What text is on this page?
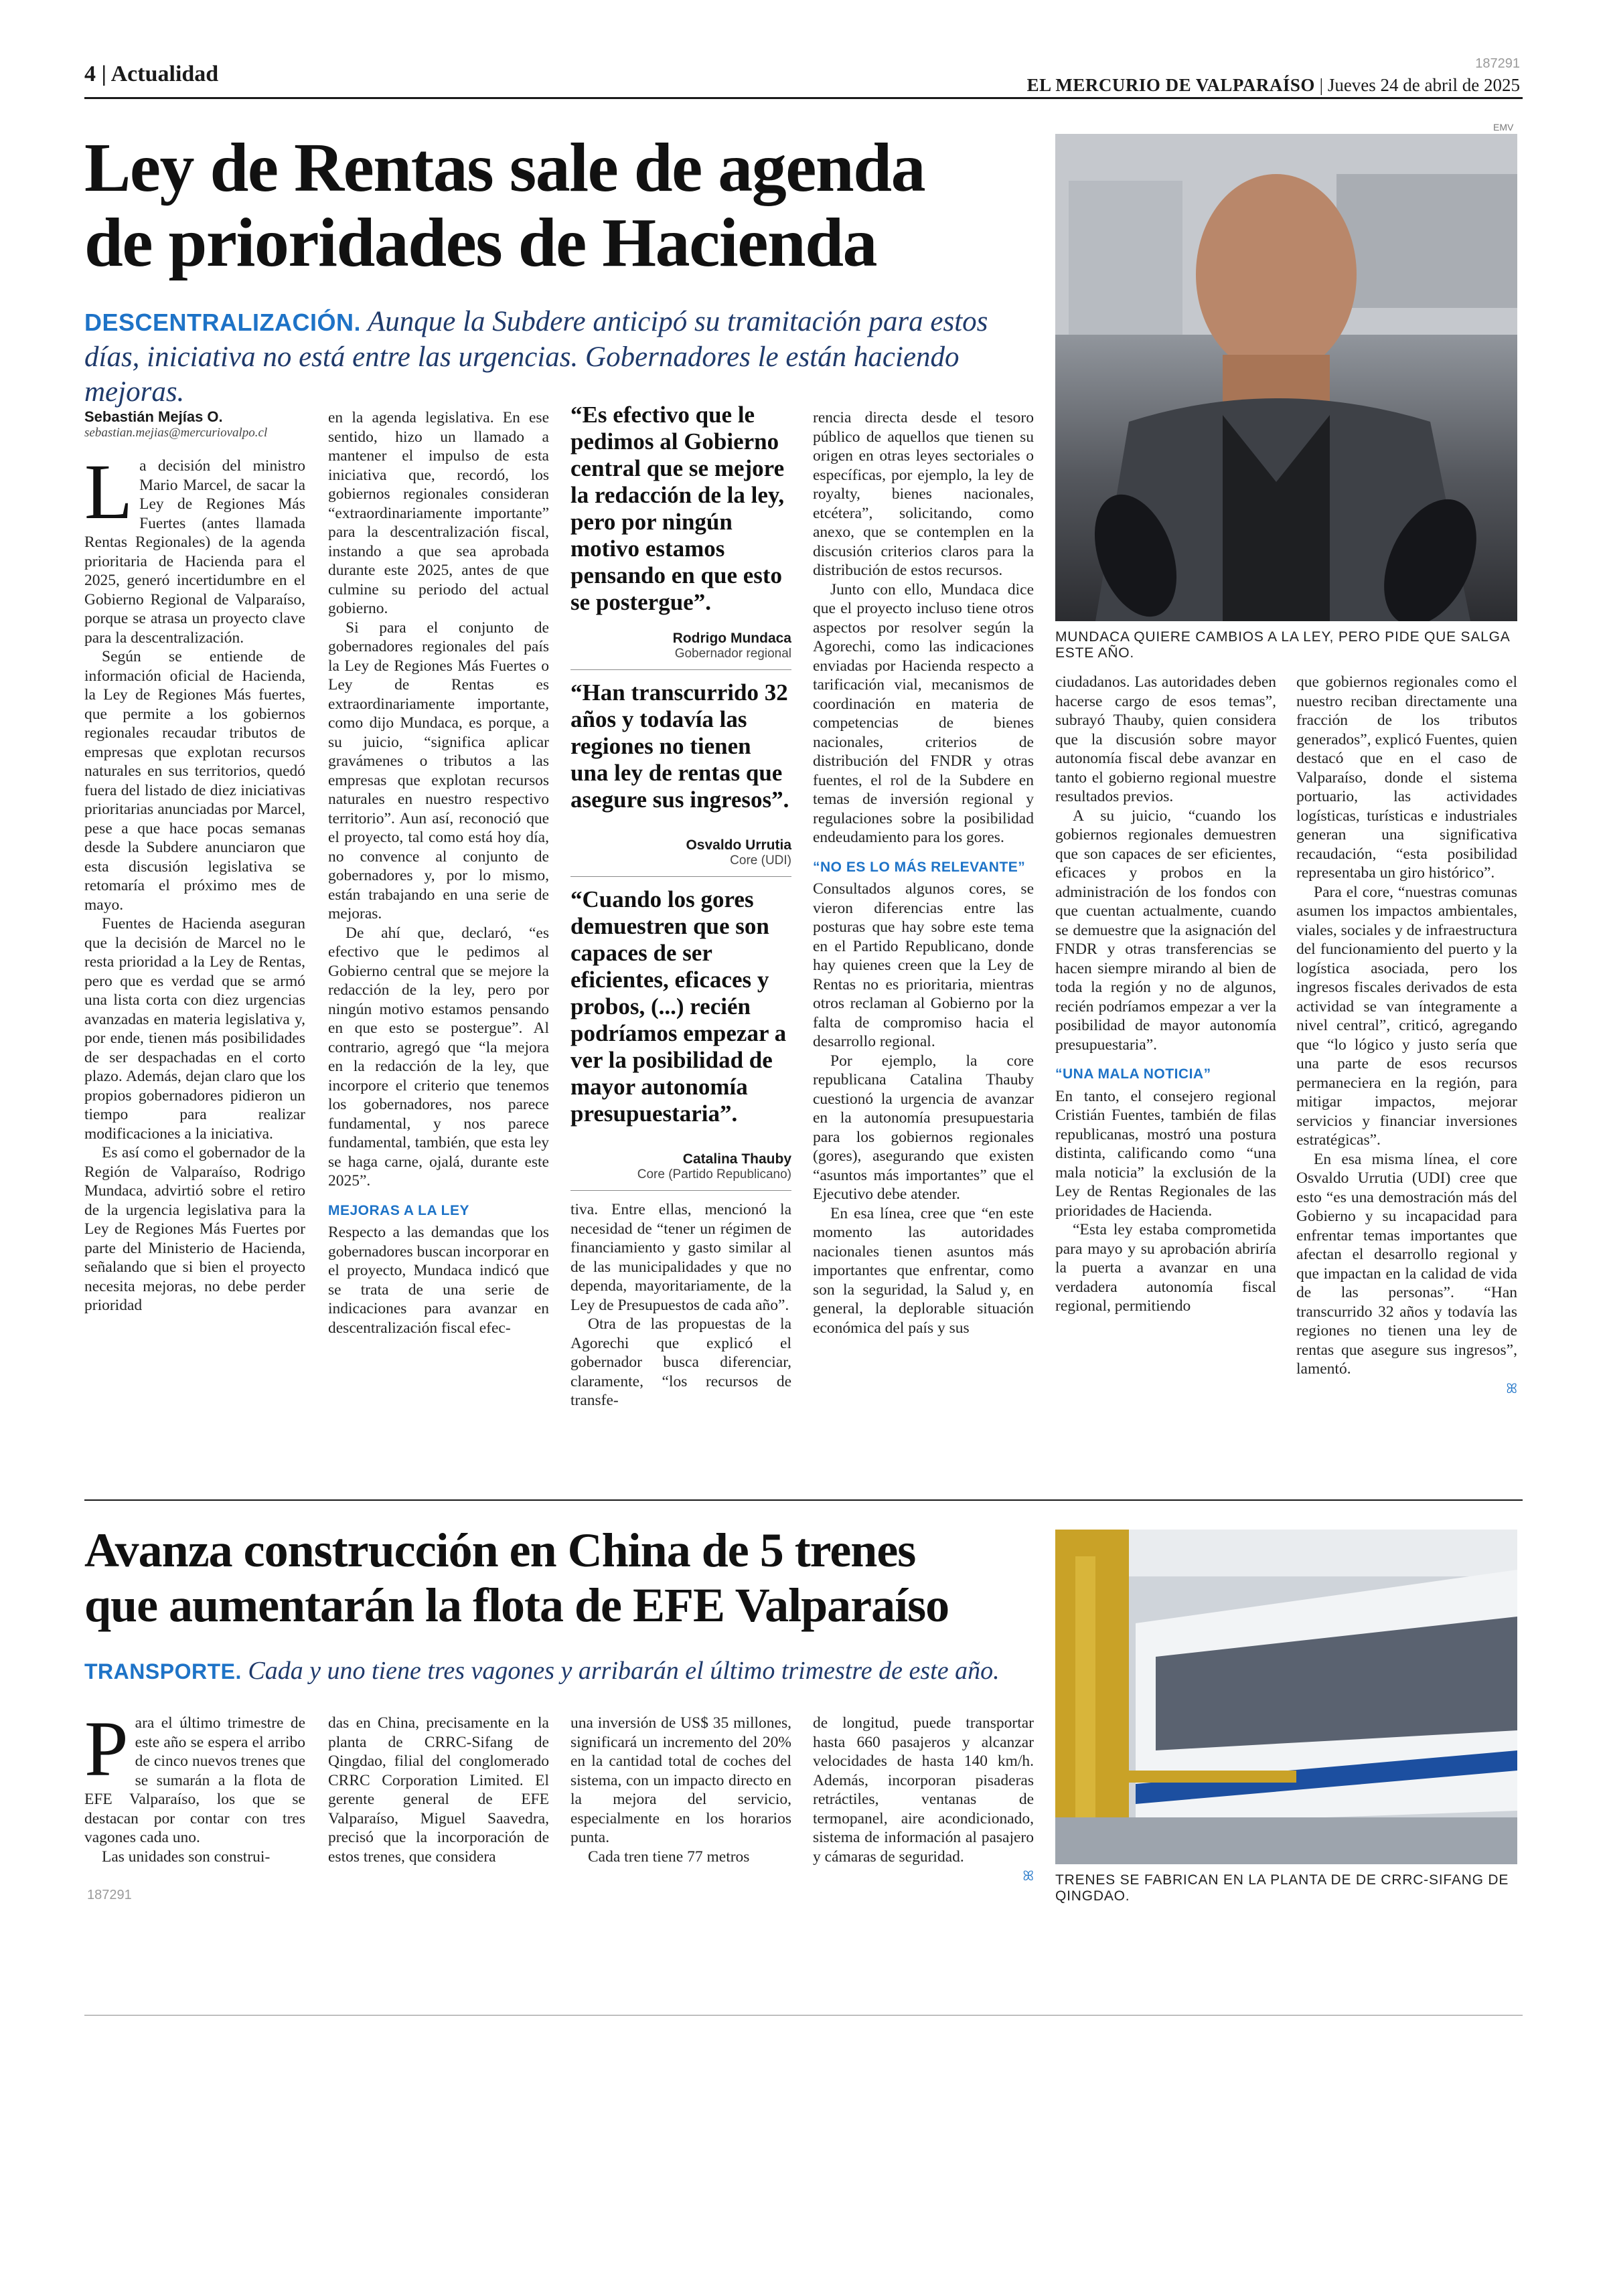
4 | Actualidad	187291
EL MERCURIO DE VALPARAÍSO | Jueves 24 de abril de 2025
Ley de Rentas sale de agenda
de prioridades de Hacienda
DESCENTRALIZACIÓN. Aunque la Subdere anticipó su tramitación para estos días, iniciativa no está entre las urgencias. Gobernadores le están haciendo mejoras.
EMV
MUNDACA QUIERE CAMBIOS A LA LEY, PERO PIDE QUE SALGA ESTE AÑO.
Sebastián Mejías O.
sebastian.mejias@mercuriovalpo.cl
L a decisión del ministro Mario Marcel, de sacar la Ley de Regiones Más Fuertes (antes llamada Rentas Regionales) de la agenda prioritaria de Hacienda para el 2025, generó incertidumbre en el Gobierno Regional de Valparaíso, porque se atrasa un proyecto clave para la descentralización.

Según se entiende de información oficial de Hacienda, la Ley de Regiones Más fuertes, que permite a los gobiernos regionales recaudar tributos de empresas que explotan recursos naturales en sus territorios, quedó fuera del listado de diez iniciativas prioritarias anunciadas por Marcel, pese a que hace pocas semanas desde la Subdere anunciaron que esta discusión legislativa se retomaría el próximo mes de mayo.

Fuentes de Hacienda aseguran que la decisión de Marcel no le resta prioridad a la Ley de Rentas, pero que es verdad que se armó una lista corta con diez urgencias avanzadas en materia legislativa y, por ende, tienen más posibilidades de ser despachadas en el corto plazo. Además, dejan claro que los propios gobernadores pidieron un tiempo para realizar modificaciones a la iniciativa.

Es así como el gobernador de la Región de Valparaíso, Rodrigo Mundaca, advirtió sobre el retiro de la urgencia legislativa para la Ley de Regiones Más Fuertes por parte del Ministerio de Hacienda, señalando que si bien el proyecto necesita mejoras, no debe perder prioridad

en la agenda legislativa. En ese sentido, hizo un llamado a mantener el impulso de esta iniciativa que, recordó, los gobiernos regionales consideran “extraordinariamente importante” para la descentralización fiscal, instando a que sea aprobada durante este 2025, antes de que culmine su periodo del actual gobierno.

Si para el conjunto de gobernadores regionales del país la Ley de Regiones Más Fuertes o Ley de Rentas es extraordinariamente importante, como dijo Mundaca, es porque, a su juicio, “significa aplicar gravámenes o tributos a las empresas que explotan recursos naturales en nuestro respectivo territorio”. Aun así, reconoció que el proyecto, tal como está hoy día, no convence al conjunto de gobernadores y, por lo mismo, están trabajando en una serie de mejoras.

De ahí que, declaró, “es efectivo que le pedimos al Gobierno central que se mejore la redacción de la ley, pero por ningún motivo estamos pensando en que esto se postergue”. Al contrario, agregó que “la mejora en la redacción de la ley, que incorpore el criterio que tenemos los gobernadores, nos parece fundamental, y nos parece fundamental, también, que esta ley se haga carne, ojalá, durante este 2025”.

MEJORAS A LA LEY

Respecto a las demandas que los gobernadores buscan incorporar en el proyecto, Mundaca indicó que se trata de una serie de indicaciones para avanzar en descentralización fiscal efec-

“Es efectivo que le pedimos al Gobierno central que se mejore la redacción de la ley, pero por ningún motivo estamos pensando en que esto se postergue”.
Rodrigo Mundaca
Gobernador regional
“Han transcurrido 32 años y todavía las regiones no tienen una ley de rentas que asegure sus ingresos”.
Osvaldo Urrutia
Core (UDI)
“Cuando los gores demuestren que son capaces de ser eficientes, eficaces y probos, (...) recién podríamos empezar a ver la posibilidad de mayor autonomía presupuestaria”.
Catalina Thauby
Core (Partido Republicano)

tiva. Entre ellas, mencionó la necesidad de “tener un régimen de financiamiento y gasto similar al de las municipalidades y que no dependa, mayoritariamente, de la Ley de Presupuestos de cada año”.

Otra de las propuestas de la Agorechi que explicó el gobernador busca diferenciar, claramente, “los recursos de transfe-

rencia directa desde el tesoro público de aquellos que tienen su origen en otras leyes sectoriales o específicas, por ejemplo, la ley de royalty, bienes nacionales, etcétera”, solicitando, como anexo, que se contemplen en la discusión criterios claros para la distribución de estos recursos.

Junto con ello, Mundaca dice que el proyecto incluso tiene otros aspectos por resolver según la Agorechi, como las indicaciones enviadas por Hacienda respecto a tarificación vial, mecanismos de coordinación en materia de competencias de bienes nacionales, criterios de distribución del FNDR y otras fuentes, el rol de la Subdere en temas de inversión regional y regulaciones sobre la posibilidad endeudamiento para los gores.

“NO ES LO MÁS RELEVANTE”

Consultados algunos cores, se vieron diferencias entre las posturas que hay sobre este tema en el Partido Republicano, donde hay quienes creen que la Ley de Rentas no es prioritaria, mientras otros reclaman al Gobierno por la falta de compromiso hacia el desarrollo regional.

Por ejemplo, la core republicana Catalina Thauby cuestionó la urgencia de avanzar en la autonomía presupuestaria para los gobiernos regionales (gores), asegurando que existen “asuntos más importantes” que el Ejecutivo debe atender.

En esa línea, cree que “en este momento las autoridades nacionales tienen asuntos más importantes que enfrentar, como son la seguridad, la Salud y, en general, la deplorable situación económica del país y sus

ciudadanos. Las autoridades deben hacerse cargo de esos temas”, subrayó Thauby, quien considera que la discusión sobre mayor autonomía fiscal debe avanzar en tanto el gobierno regional muestre resultados previos.

A su juicio, “cuando los gobiernos regionales demuestren que son capaces de ser eficientes, eficaces y probos en la administración de los fondos con que cuentan actualmente, cuando se demuestre que la asignación del FNDR y otras transferencias se hacen siempre mirando al bien de toda la región y no de algunos, recién podríamos empezar a ver la posibilidad de mayor autonomía presupuestaria”.

“UNA MALA NOTICIA”

En tanto, el consejero regional Cristián Fuentes, también de filas republicanas, mostró una postura distinta, calificando como “una mala noticia” la exclusión de la Ley de Rentas Regionales de las prioridades de Hacienda.

“Esta ley estaba comprometida para mayo y su aprobación abriría la puerta a avanzar en una verdadera autonomía fiscal regional, permitiendo

que gobiernos regionales como el nuestro reciban directamente una fracción de los tributos generados”, explicó Fuentes, quien destacó que en el caso de Valparaíso, donde el sistema portuario, las actividades logísticas, turísticas e industriales generan una significativa recaudación, “esta posibilidad representaba un giro histórico”.

Para el core, “nuestras comunas asumen los impactos ambientales, viales, sociales y de infraestructura del funcionamiento del puerto y la logística asociada, pero los ingresos fiscales derivados de esta actividad se van íntegramente a nivel central”, criticó, agregando que “lo lógico y justo sería que una parte de esos recursos permaneciera en la región, para mitigar impactos, mejorar servicios y financiar inversiones estratégicas”.

En esa misma línea, el core Osvaldo Urrutia (UDI) cree que esto “es una demostración más del Gobierno y su incapacidad para enfrentar temas importantes que afectan el desarrollo regional y que impactan en la calidad de vida de las personas”. “Han transcurrido 32 años y todavía las regiones no tienen una ley de rentas que asegure sus ingresos”, lamentó.

ꕤ
Avanza construcción en China de 5 trenes
que aumentarán la flota de EFE Valparaíso
TRANSPORTE. Cada y uno tiene tres vagones y arribarán el último trimestre de este año.
P ara el último trimestre de este año se espera el arribo de cinco nuevos trenes que se sumarán a la flota de EFE Valparaíso, los que se destacan por contar con tres vagones cada uno.

Las unidades son construi-

das en China, precisamente en la planta de CRRC-Sifang de Qingdao, filial del conglomerado CRRC Corporation Limited. El gerente general de EFE Valparaíso, Miguel Saavedra, precisó que la incorporación de estos trenes, que considera

una inversión de US$ 35 millones, significará un incremento del 20% en la cantidad total de coches del sistema, con un impacto directo en la mejora del servicio, especialmente en los horarios punta.

Cada tren tiene 77 metros

de longitud, puede transportar hasta 660 pasajeros y alcanzar velocidades de hasta 140 km/h. Además, incorporan pisaderas retráctiles, ventanas de termopanel, aire acondicionado, sistema de información al pasajero y cámaras de seguridad.

ꕤ TRENES SE FABRICAN EN LA PLANTA DE DE CRRC-SIFANG DE QINGDAO.
187291
